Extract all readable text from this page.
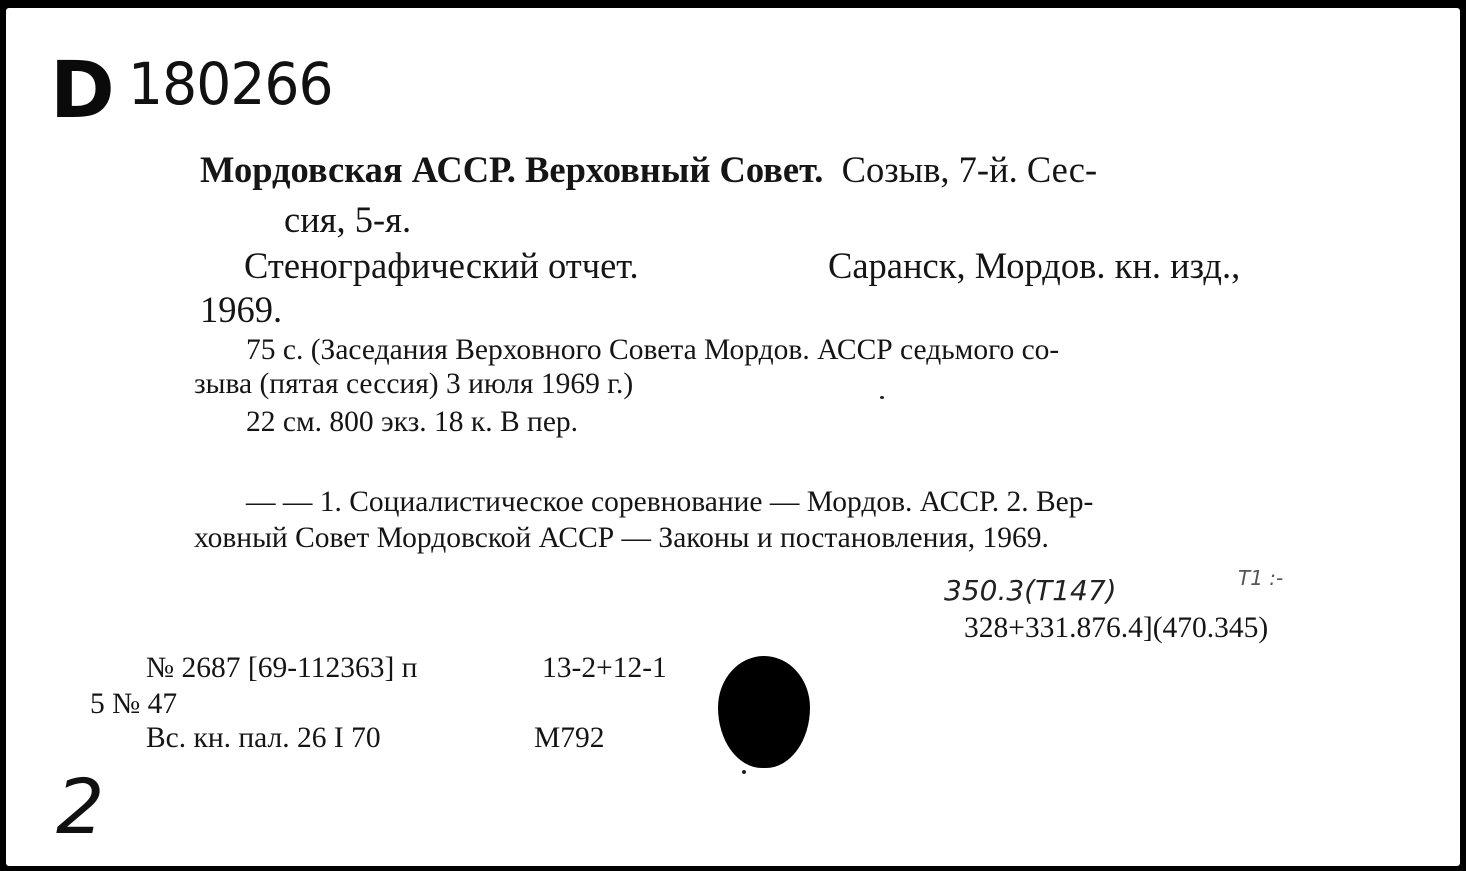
D 180266
Мордовская АССР. Верховный Совет. Созыв, 7-й. Сес-
сия, 5-я.
Стенографический отчет.	Саранск, Мордов. кн. изд.,
1969.
75 с. (Заседания Верховного Совета Мордов. АССР седьмого со-
зыва (пятая сессия) 3 июля 1969 г.)
22 см. 800 экз. 18 к. В пер.
— — 1. Социалистическое соревнование — Мордов. АССР. 2. Вер-
ховный Совет Мордовской АССР — Законы и постановления, 1969.
350.3(T147)	Т1 :-
328+331.876.4](470.345)
№ 2687 [69-112363] п	13-2+12-1
5 № 47
Вс. кн. пал. 26 I 70	М792
2
